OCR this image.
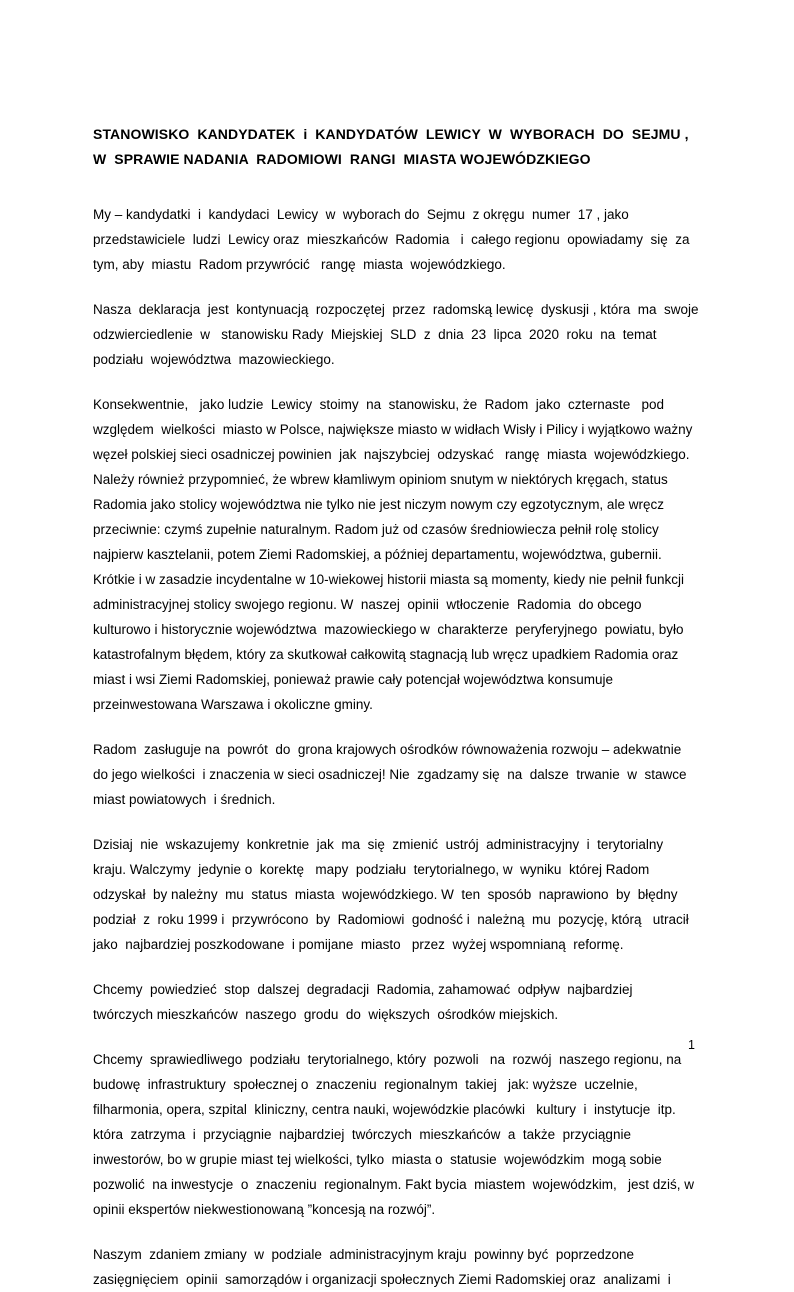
STANOWISKO  KANDYDATEK  i  KANDYDATÓW  LEWICY  W  WYBORACH  DO  SEJMU , W  SPRAWIE NADANIA  RADOMIOWI  RANGI  MIASTA WOJEWÓDZKIEGO

My – kandydatki  i  kandydaci  Lewicy  w  wyborach do  Sejmu  z okręgu  numer  17 , jako przedstawiciele  ludzi  Lewicy oraz  mieszkańców  Radomia   i  całego regionu  opowiadamy  się  za tym, aby  miastu  Radom przywrócić   rangę  miasta  wojewódzkiego.

Nasza  deklaracja  jest  kontynuacją  rozpoczętej  przez  radomską lewicę  dyskusji , która  ma  swoje odzwierciedlenie  w   stanowisku Rady  Miejskiej  SLD  z  dnia  23  lipca  2020  roku  na  temat podziału  województwa  mazowieckiego.

Konsekwentnie,   jako ludzie  Lewicy  stoimy  na  stanowisku, że  Radom  jako  czternaste   pod względem  wielkości  miasto w Polsce, największe miasto w widłach Wisły i Pilicy i wyjątkowo ważny węzeł polskiej sieci osadniczej powinien  jak  najszybciej  odzyskać   rangę  miasta  wojewódzkiego. Należy również przypomnieć, że wbrew kłamliwym opiniom snutym w niektórych kręgach, status Radomia jako stolicy województwa nie tylko nie jest niczym nowym czy egzotycznym, ale wręcz przeciwnie: czymś zupełnie naturalnym. Radom już od czasów średniowiecza pełnił rolę stolicy najpierw kasztelanii, potem Ziemi Radomskiej, a później departamentu, województwa, gubernii. Krótkie i w zasadzie incydentalne w 10-wiekowej historii miasta są momenty, kiedy nie pełnił funkcji administracyjnej stolicy swojego regionu. W  naszej  opinii  wtłoczenie  Radomia  do obcego kulturowo i historycznie województwa  mazowieckiego w  charakterze  peryferyjnego  powiatu, było katastrofalnym błędem, który za skutkował całkowitą stagnacją lub wręcz upadkiem Radomia oraz miast i wsi Ziemi Radomskiej, ponieważ prawie cały potencjał województwa konsumuje przeinwestowana Warszawa i okoliczne gminy.

Radom  zasługuje na  powrót  do  grona krajowych ośrodków równoważenia rozwoju – adekwatnie do jego wielkości  i znaczenia w sieci osadniczej! Nie  zgadzamy się  na  dalsze  trwanie  w  stawce  miast powiatowych  i średnich.

Dzisiaj  nie  wskazujemy  konkretnie  jak  ma  się  zmienić  ustrój  administracyjny  i  terytorialny  kraju. Walczymy  jedynie o  korektę   mapy  podziału  terytorialnego, w  wyniku  której Radom  odzyskał  by należny  mu  status  miasta  wojewódzkiego. W  ten  sposób  naprawiono  by  błędny  podział  z  roku 1999 i  przywrócono  by  Radomiowi  godność i  należną  mu  pozycję, którą   utracił jako  najbardziej poszkodowane  i pomijane  miasto   przez  wyżej wspomnianą  reformę.

Chcemy  powiedzieć  stop  dalszej  degradacji  Radomia, zahamować  odpływ  najbardziej  twórczych mieszkańców  naszego  grodu  do  większych  ośrodków miejskich.

Chcemy  sprawiedliwego  podziału  terytorialnego, który  pozwoli   na  rozwój  naszego regionu, na budowę  infrastruktury  społecznej o  znaczeniu  regionalnym  takiej   jak: wyższe  uczelnie, filharmonia, opera, szpital  kliniczny, centra nauki, wojewódzkie placówki   kultury  i  instytucje  itp. która  zatrzyma  i  przyciągnie  najbardziej  twórczych  mieszkańców  a  także  przyciągnie  inwestorów, bo w grupie miast tej wielkości, tylko  miasta o  statusie  wojewódzkim  mogą sobie  pozwolić  na inwestycje  o  znaczeniu  regionalnym. Fakt bycia  miastem  wojewódzkim,   jest dziś, w opinii ekspertów niekwestionowaną ”koncesją na rozwój”.

Naszym  zdaniem zmiany  w  podziale  administracyjnym kraju  powinny być  poprzedzone zasięgnięciem  opinii  samorządów i organizacji społecznych Ziemi Radomskiej oraz  analizami  i

1
